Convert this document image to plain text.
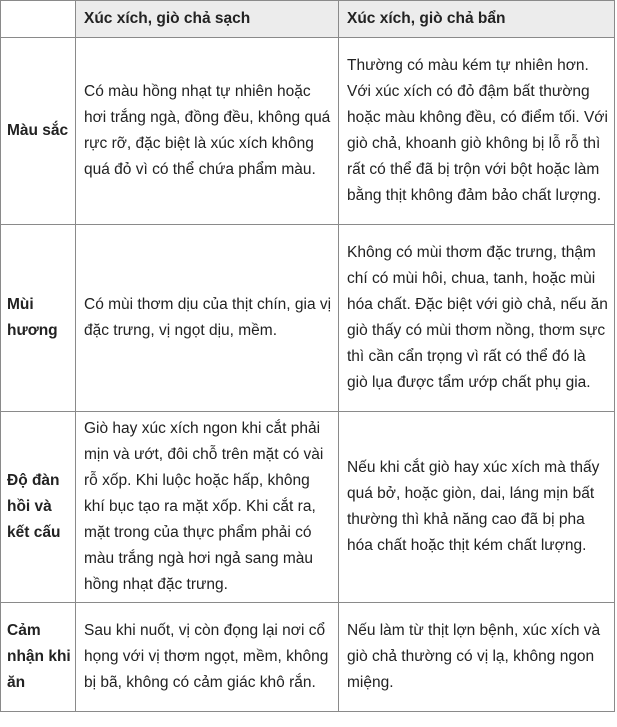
	Xúc xích, giò chả sạch	Xúc xích, giò chả bẩn
Màu sắc	Có màu hồng nhạt tự nhiên hoặc hơi trắng ngà, đồng đều, không quá rực rỡ, đặc biệt là xúc xích không quá đỏ vì có thể chứa phẩm màu.	Thường có màu kém tự nhiên hơn. Với xúc xích có đỏ đậm bất thường hoặc màu không đều, có điểm tối. Với giò chả, khoanh giò không bị lỗ rỗ thì rất có thể đã bị trộn với bột hoặc làm bằng thịt không đảm bảo chất lượng.
Mùi hương	Có mùi thơm dịu của thịt chín, gia vị đặc trưng, vị ngọt dịu, mềm.	Không có mùi thơm đặc trưng, thậm chí có mùi hôi, chua, tanh, hoặc mùi hóa chất. Đặc biệt với giò chả, nếu ăn giò thấy có mùi thơm nồng, thơm sực thì cần cẩn trọng vì rất có thể đó là giò lụa được tẩm ướp chất phụ gia.
Độ đàn hồi và kết cấu	Giò hay xúc xích ngon khi cắt phải mịn và ướt, đôi chỗ trên mặt có vài rỗ xốp. Khi luộc hoặc hấp, không khí bục tạo ra mặt xốp. Khi cắt ra, mặt trong của thực phẩm phải có màu trắng ngà hơi ngả sang màu hồng nhạt đặc trưng.	Nếu khi cắt giò hay xúc xích mà thấy quá bở, hoặc giòn, dai, láng mịn bất thường thì khả năng cao đã bị pha hóa chất hoặc thịt kém chất lượng.
Cảm nhận khi ăn	Sau khi nuốt, vị còn đọng lại nơi cổ họng với vị thơm ngọt, mềm, không bị bã, không có cảm giác khô rắn.	Nếu làm từ thịt lợn bệnh, xúc xích và giò chả thường có vị lạ, không ngon miệng.
